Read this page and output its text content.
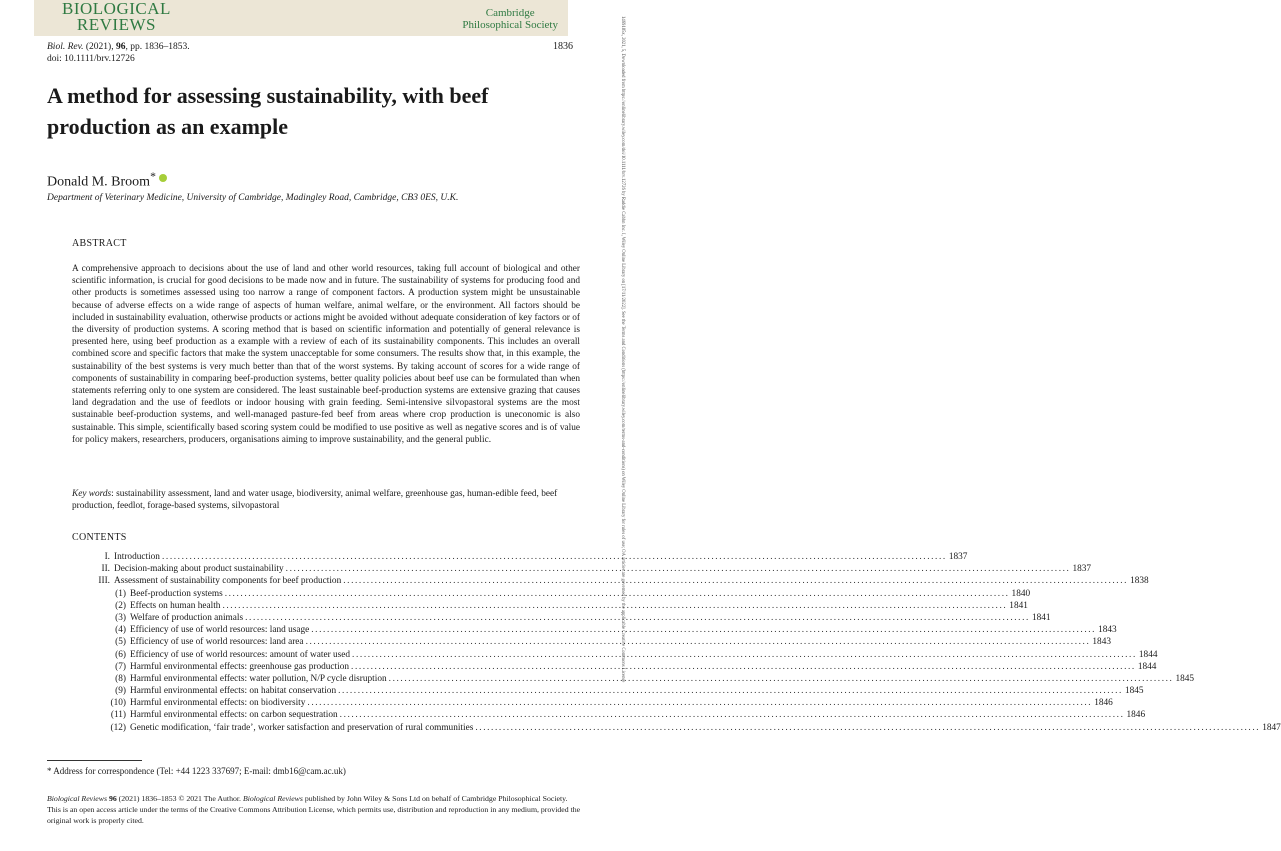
BIOLOGICAL
REVIEWS
Cambridge
Philosophical Society
Biol. Rev. (2021), 96, pp. 1836–1853.
doi: 10.1111/brv.12726
1836	1469185x, 2021, 5, Downloaded from https://onlinelibrary.wiley.com/doi/10.1111/brv.12726 by Raddie Cabbn Inc. I, Wiley Online Library on [17/11/2022]. See the Terms and Conditions (https://onlinelibrary.wiley.com/terms-and-conditions) on Wiley Online Library for rules of use; OA articles are governed by the applicable Creative Commons License
A method for assessing sustainability, with beef production as an example
Donald M. Broom*
Department of Veterinary Medicine, University of Cambridge, Madingley Road, Cambridge, CB3 0ES, U.K.
ABSTRACT

A comprehensive approach to decisions about the use of land and other world resources, taking full account of biological and other scientific information, is crucial for good decisions to be made now and in future. The sustainability of systems for producing food and other products is sometimes assessed using too narrow a range of component factors. A production system might be unsustainable because of adverse effects on a wide range of aspects of human welfare, animal welfare, or the environment. All factors should be included in sustainability evaluation, otherwise products or actions might be avoided without adequate consideration of key factors or of the diversity of production systems. A scoring method that is based on scientific information and potentially of general relevance is presented here, using beef production as a example with a review of each of its sustainability components. This includes an overall combined score and specific factors that make the system unacceptable for some consumers. The results show that, in this example, the sustainability of the best systems is very much better than that of the worst systems. By taking account of scores for a wide range of components of sustainability in comparing beef-production systems, better quality policies about beef use can be formulated than when statements referring only to one system are considered. The least sustainable beef-production systems are extensive grazing that causes land degradation and the use of feedlots or indoor housing with grain feeding. Semi-intensive silvopastoral systems are the most sustainable beef-production systems, and well-managed pasture-fed beef from areas where crop production is uneconomic is also sustainable. This simple, scientifically based scoring system could be modified to use positive as well as negative scores and is of value for policy makers, researchers, producers, organisations aiming to improve sustainability, and the general public.

Key words: sustainability assessment, land and water usage, biodiversity, animal welfare, greenhouse gas, human-edible feed, beef production, feedlot, forage-based systems, silvopastoral

CONTENTS
I. Introduction ........................................................................................................................................................................................................ 1837
II. Decision-making about product sustainability ........................................................................................................................................................................................................ 1837
III. Assessment of sustainability components for beef production ........................................................................................................................................................................................................ 1838
(1) Beef-production systems ........................................................................................................................................................................................................ 1840
(2) Effects on human health ........................................................................................................................................................................................................ 1841
(3) Welfare of production animals ........................................................................................................................................................................................................ 1841
(4) Efficiency of use of world resources: land usage ........................................................................................................................................................................................................ 1843
(5) Efficiency of use of world resources: land area ........................................................................................................................................................................................................ 1843
(6) Efficiency of use of world resources: amount of water used ........................................................................................................................................................................................................ 1844
(7) Harmful environmental effects: greenhouse gas production ........................................................................................................................................................................................................ 1844
(8) Harmful environmental effects: water pollution, N/P cycle disruption ........................................................................................................................................................................................................ 1845
(9) Harmful environmental effects: on habitat conservation ........................................................................................................................................................................................................ 1845
(10) Harmful environmental effects: on biodiversity ........................................................................................................................................................................................................ 1846
(11) Harmful environmental effects: on carbon sequestration ........................................................................................................................................................................................................ 1846
(12) Genetic modification, ‘fair trade’, worker satisfaction and preservation of rural communities ........................................................................................................................................................................................................ 1847
* Address for correspondence (Tel: +44 1223 337697; E-mail: dmb16@cam.ac.uk)

Biological Reviews 96 (2021) 1836–1853 © 2021 The Author. Biological Reviews published by John Wiley & Sons Ltd on behalf of Cambridge Philosophical Society.
This is an open access article under the terms of the Creative Commons Attribution License, which permits use, distribution and reproduction in any medium, provided the original work is properly cited.
